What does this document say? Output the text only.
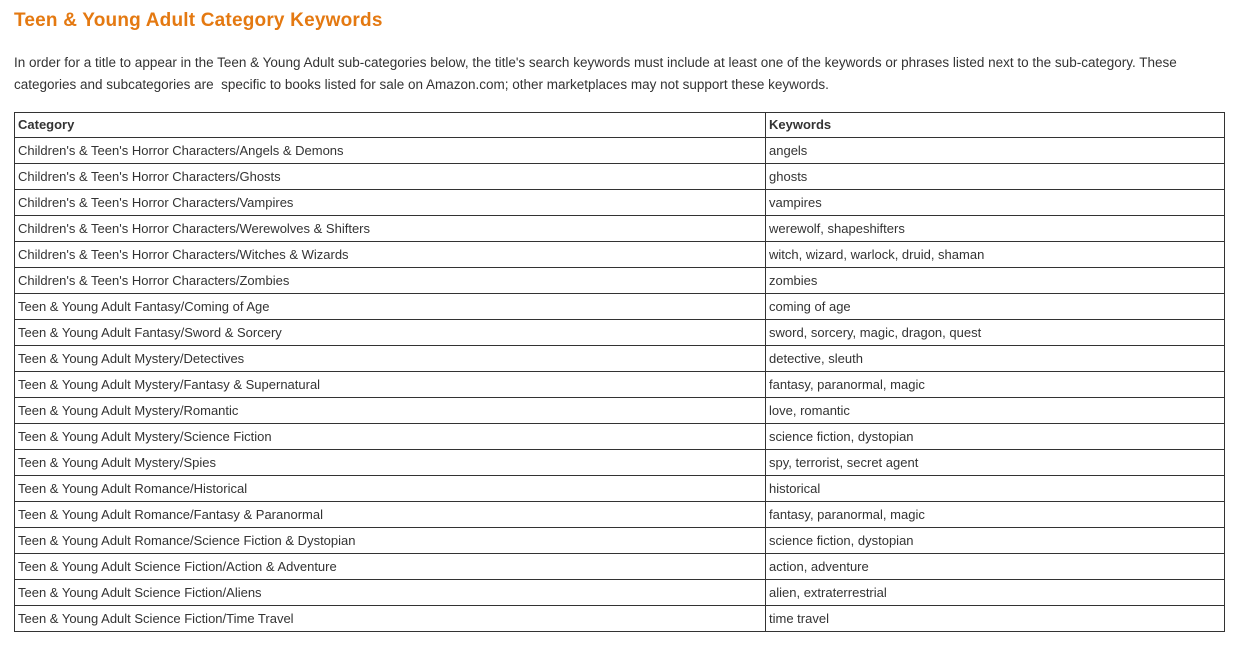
Teen & Young Adult Category Keywords

In order for a title to appear in the Teen & Young Adult sub-categories below, the title's search keywords must include at least one of the keywords or phrases listed next to the sub-category. These categories and subcategories are  specific to books listed for sale on Amazon.com; other marketplaces may not support these keywords.

Category	Keywords
Children's & Teen's Horror Characters/Angels & Demons	angels
Children's & Teen's Horror Characters/Ghosts	ghosts
Children's & Teen's Horror Characters/Vampires	vampires
Children's & Teen's Horror Characters/Werewolves & Shifters	werewolf, shapeshifters
Children's & Teen's Horror Characters/Witches & Wizards	witch, wizard, warlock, druid, shaman
Children's & Teen's Horror Characters/Zombies	zombies
Teen & Young Adult Fantasy/Coming of Age	coming of age
Teen & Young Adult Fantasy/Sword & Sorcery	sword, sorcery, magic, dragon, quest
Teen & Young Adult Mystery/Detectives	detective, sleuth
Teen & Young Adult Mystery/Fantasy & Supernatural	fantasy, paranormal, magic
Teen & Young Adult Mystery/Romantic	love, romantic
Teen & Young Adult Mystery/Science Fiction	science fiction, dystopian
Teen & Young Adult Mystery/Spies	spy, terrorist, secret agent
Teen & Young Adult Romance/Historical	historical
Teen & Young Adult Romance/Fantasy & Paranormal	fantasy, paranormal, magic
Teen & Young Adult Romance/Science Fiction & Dystopian	science fiction, dystopian
Teen & Young Adult Science Fiction/Action & Adventure	action, adventure
Teen & Young Adult Science Fiction/Aliens	alien, extraterrestrial
Teen & Young Adult Science Fiction/Time Travel	time travel
